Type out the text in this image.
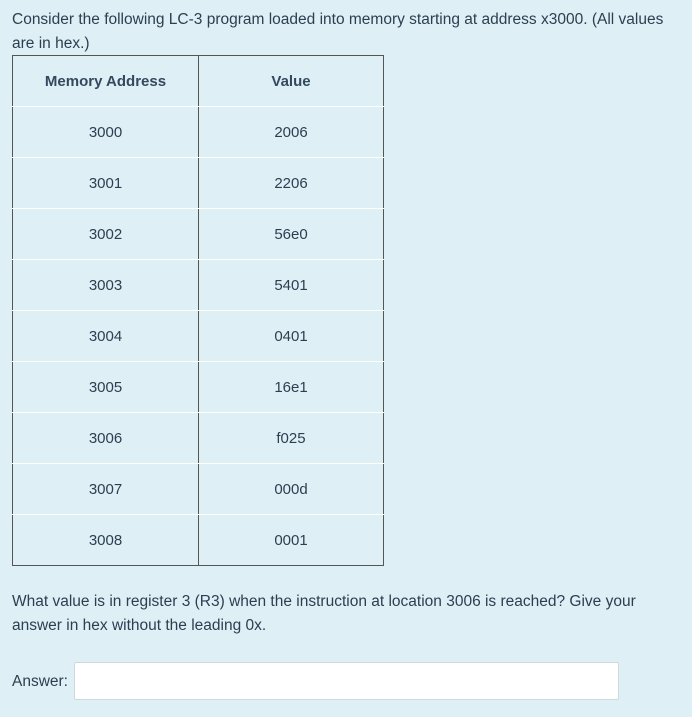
Consider the following LC-3 program loaded into memory starting at address x3000. (All values are in hex.)
Memory Address	Value
3000	2006
3001	2206
3002	56e0
3003	5401
3004	0401
3005	16e1
3006	f025
3007	000d
3008	0001
What value is in register 3 (R3) when the instruction at location 3006 is reached? Give your answer in hex without the leading 0x.
Answer:
